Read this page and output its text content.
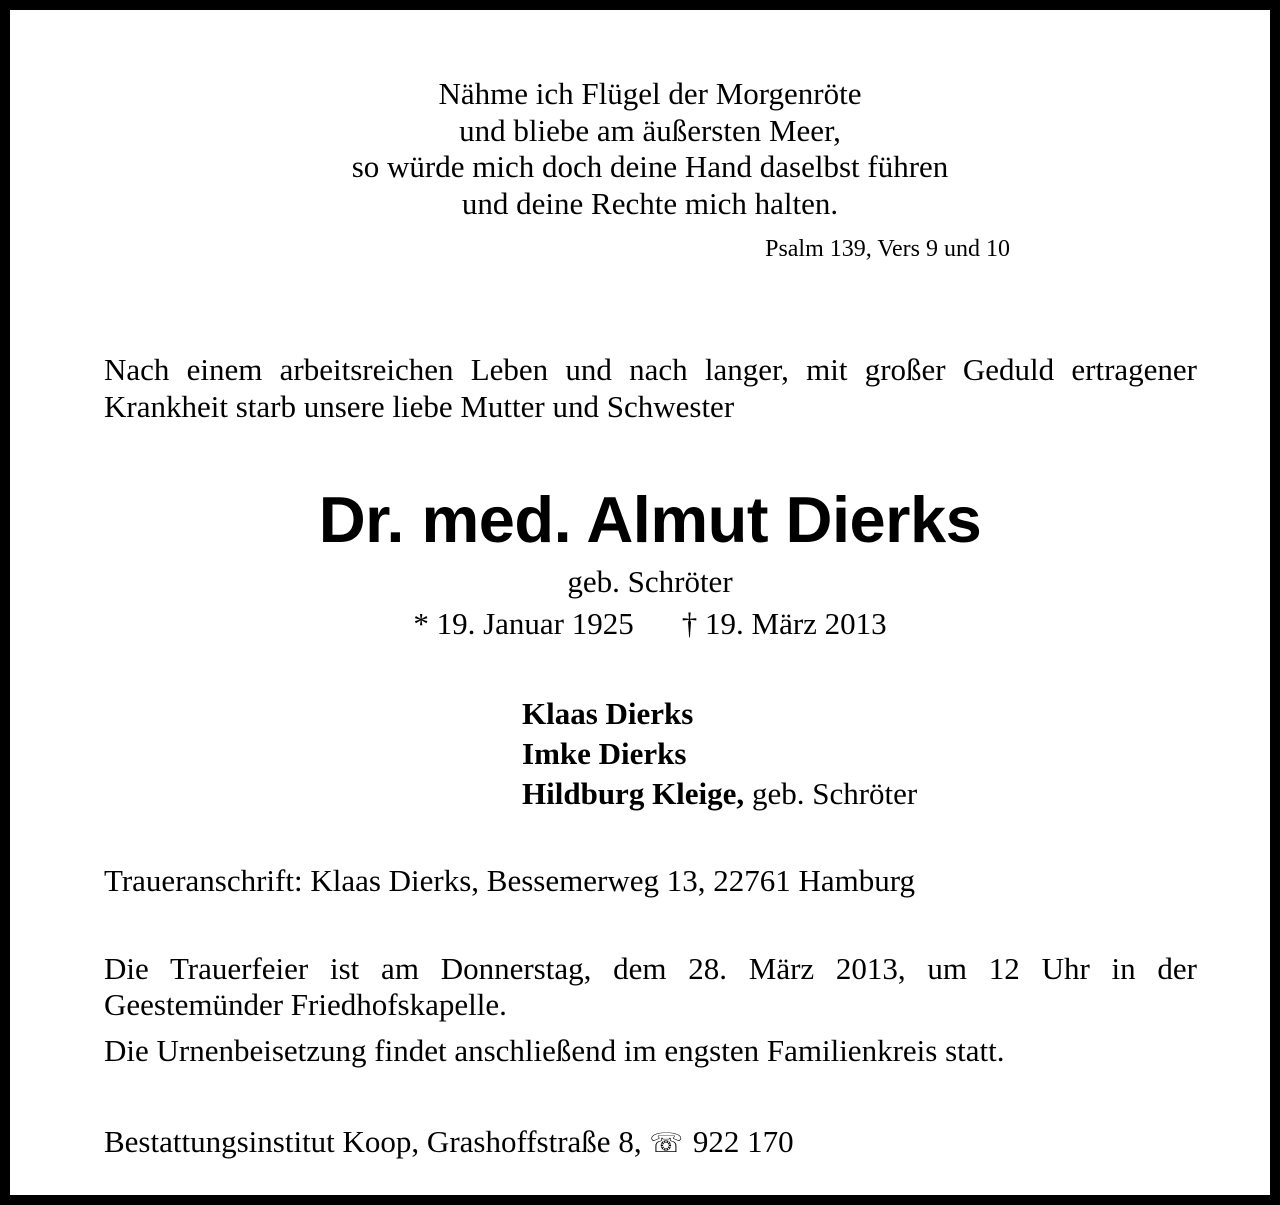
Nähme ich Flügel der Morgenröte
und bliebe am äußersten Meer,
so würde mich doch deine Hand daselbst führen
und deine Rechte mich halten.
Psalm 139, Vers 9 und 10
Nach einem arbeitsreichen Leben und nach langer, mit großer Geduld ertragener Krankheit starb unsere liebe Mutter und Schwester
Dr. med. Almut Dierks
geb. Schröter
* 19. Januar 1925 † 19. März 2013
Klaas Dierks
Imke Dierks
Hildburg Kleige, geb. Schröter
Traueranschrift: Klaas Dierks, Bessemerweg 13, 22761 Hamburg
Die Trauerfeier ist am Donnerstag, dem 28. März 2013, um 12 Uhr in der Geestemünder Friedhofskapelle.
Die Urnenbeisetzung findet anschließend im engsten Familienkreis statt.
Bestattungsinstitut Koop, Grashoffstraße 8, ☏ 922 170
